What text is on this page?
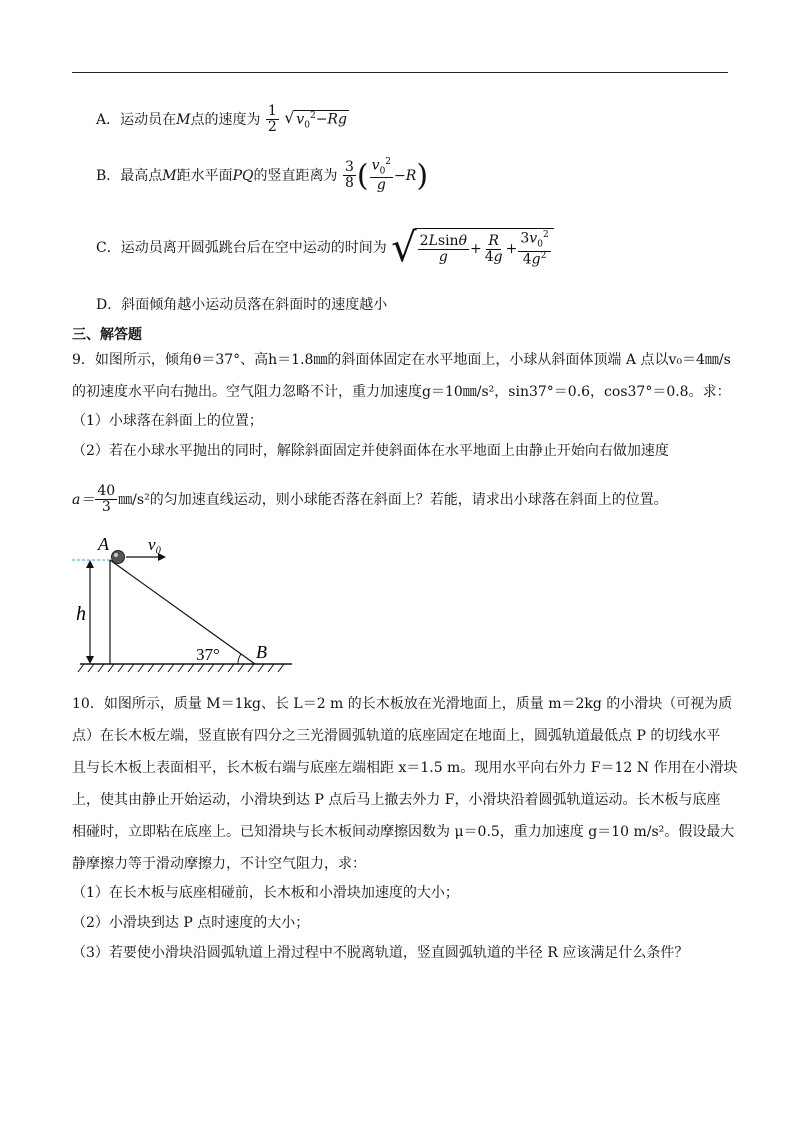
A．运动员在M点的速度为 $\frac{1}{2}$
√ $v_0^2-Rg$
B．最高点M距水平面PQ的竖直距离为 $\frac{3}{8}$ ( $\frac{v_0^2}{g} -R$)
C．运动员离开圆弧跳台后在空中运动的时间为 √ $\frac{2Lsin\theta}{g} + \frac{R}{4g} + \frac{3v_0^2}{4g^2}$
D．斜面倾角越小运动员落在斜面时的速度越小
三、解答题
9．如图所示，倾角θ＝37°、高h＝1.8㎜的斜面体固定在水平地面上，小球从斜面体顶端 A 点以v₀＝4㎜/s
的初速度水平向右抛出。空气阻力忽略不计，重力加速度g＝10㎜/s²，sin37°＝0.6，cos37°＝0.8。求：
（1）小球落在斜面上的位置；
（2）若在小球水平抛出的同时，解除斜面固定并使斜面体在水平地面上由静止开始向右做加速度
$a= \frac{40}{3}$ ㎜/s²的匀加速直线运动，则小球能否落在斜面上？若能，请求出小球落在斜面上的位置。
h
37° B
A v₀
10．如图所示，质量 M＝1kg、长 L＝2 m 的长木板放在光滑地面上，质量 m＝2kg 的小滑块（可视为质
点）在长木板左端，竖直嵌有四分之三光滑圆弧轨道的底座固定在地面上，圆弧轨道最低点 P 的切线水平
且与长木板上表面相平，长木板右端与底座左端相距 x＝1.5 m。现用水平向右外力 F＝12 N 作用在小滑块
上，使其由静止开始运动，小滑块到达 P 点后马上撤去外力 F，小滑块沿着圆弧轨道运动。长木板与底座
相碰时，立即粘在底座上。已知滑块与长木板间动摩擦因数为 μ＝0.5，重力加速度 g＝10 m/s²。假设最大
静摩擦力等于滑动摩擦力，不计空气阻力，求：
（1）在长木板与底座相碰前，长木板和小滑块加速度的大小；
（2）小滑块到达 P 点时速度的大小；
（3）若要使小滑块沿圆弧轨道上滑过程中不脱离轨道，竖直圆弧轨道的半径 R 应该满足什么条件？
